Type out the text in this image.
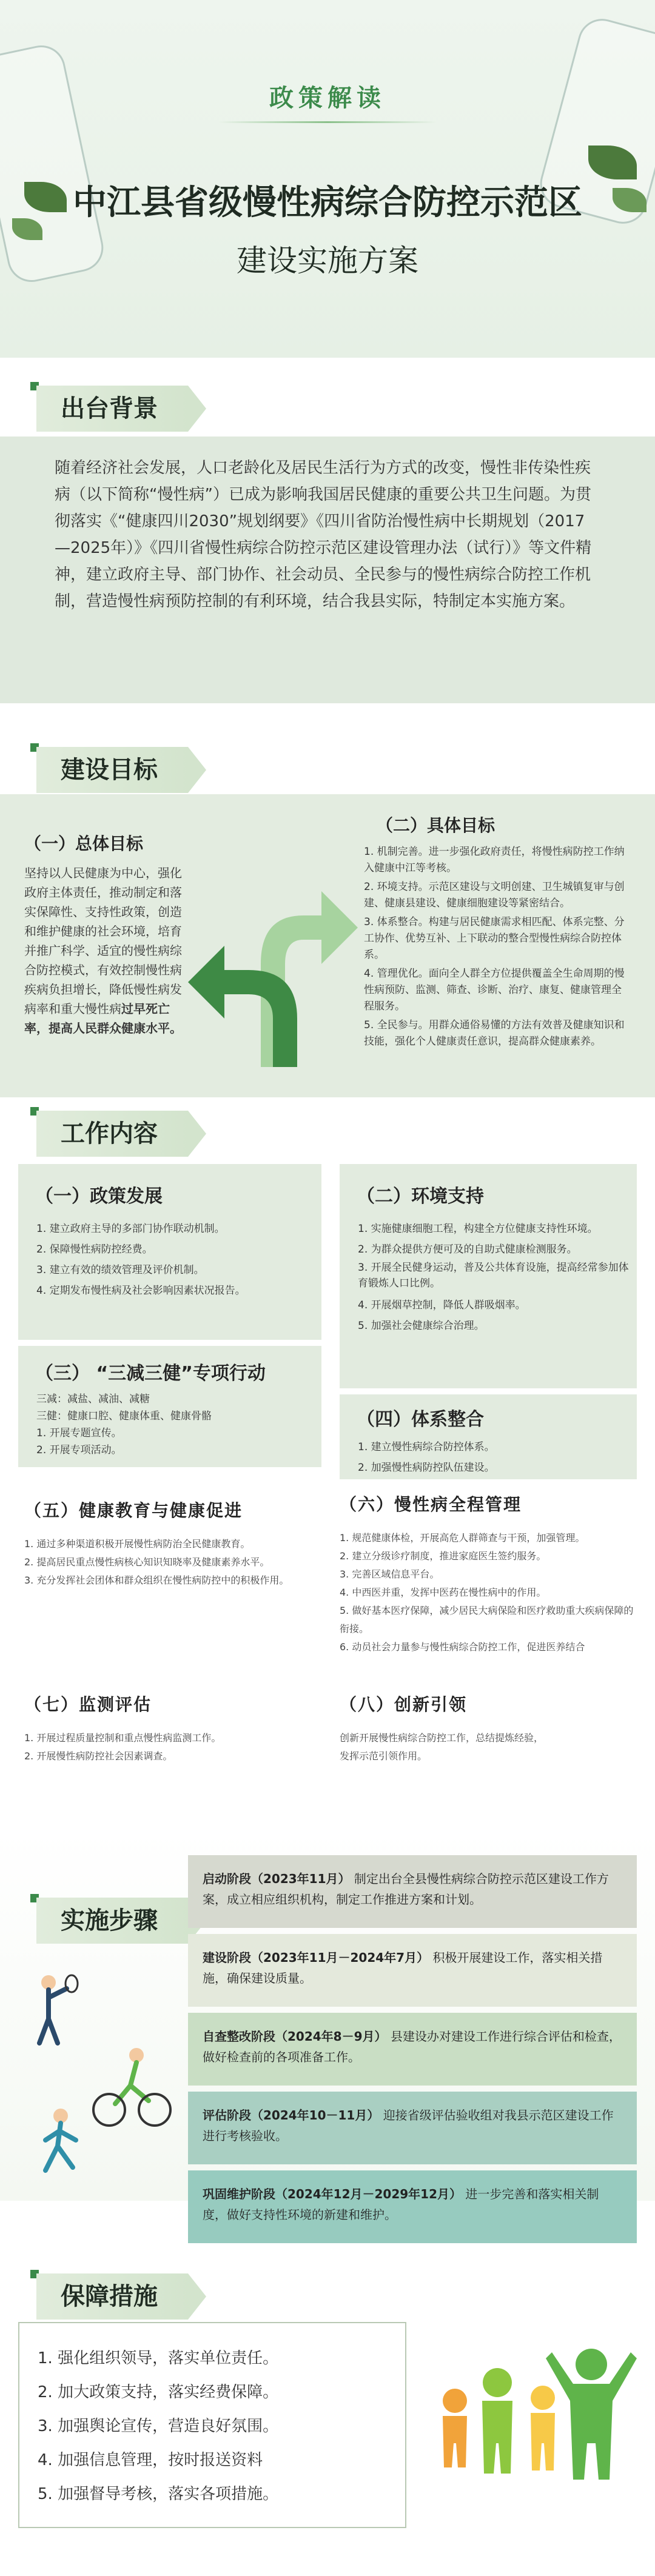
政策解读
中江县省级慢性病综合防控示范区
建设实施方案
出台背景
随着经济社会发展，人口老龄化及居民生活行为方式的改变，慢性非传染性疾病（以下简称“慢性病”）已成为影响我国居民健康的重要公共卫生问题。为贯彻落实《“健康四川2030”规划纲要》《四川省防治慢性病中长期规划（2017—2025年）》《四川省慢性病综合防控示范区建设管理办法（试行）》等文件精神，建立政府主导、部门协作、社会动员、全民参与的慢性病综合防控工作机制，营造慢性病预防控制的有利环境，结合我县实际，特制定本实施方案。
建设目标
（一）总体目标

坚持以人民健康为中心，强化政府主体责任，推动制定和落实保障性、支持性政策，创造和维护健康的社会环境，培育并推广科学、适宜的慢性病综合防控模式，有效控制慢性病疾病负担增长，降低慢性病发病率和重大慢性病过早死亡率，提高人民群众健康水平。

（二）具体目标

1. 机制完善。进一步强化政府责任，将慢性病防控工作纳入健康中江等考核。

2. 环境支持。示范区建设与文明创建、卫生城镇复审与创建、健康县建设、健康细胞建设等紧密结合。

3. 体系整合。构建与居民健康需求相匹配、体系完整、分工协作、优势互补、上下联动的整合型慢性病综合防控体系。

4. 管理优化。面向全人群全方位提供覆盖全生命周期的慢性病预防、监测、筛查、诊断、治疗、康复、健康管理全程服务。

5. 全民参与。用群众通俗易懂的方法有效普及健康知识和技能，强化个人健康责任意识，提高群众健康素养。

工作内容
（一）政策发展
1. 建立政府主导的多部门协作联动机制。
2. 保障慢性病防控经费。
3. 建立有效的绩效管理及评价机制。
4. 定期发布慢性病及社会影响因素状况报告。
（二）环境支持
1. 实施健康细胞工程，构建全方位健康支持性环境。
2. 为群众提供方便可及的自助式健康检测服务。
3. 开展全民健身运动，普及公共体育设施，提高经常参加体育锻炼人口比例。
4. 开展烟草控制，降低人群吸烟率。
5. 加强社会健康综合治理。
（三） “三减三健”专项行动
三减：减盐、减油、减糖
三健：健康口腔、健康体重、健康骨骼
1. 开展专题宣传。
2. 开展专项活动。
（四）体系整合
1. 建立慢性病综合防控体系。
2. 加强慢性病防控队伍建设。
（五）健康教育与健康促进
1. 通过多种渠道积极开展慢性病防治全民健康教育。
2. 提高居民重点慢性病核心知识知晓率及健康素养水平。
3. 充分发挥社会团体和群众组织在慢性病防控中的积极作用。
（六）慢性病全程管理
1. 规范健康体检，开展高危人群筛查与干预，加强管理。
2. 建立分级诊疗制度，推进家庭医生签约服务。
3. 完善区域信息平台。
4. 中西医并重，发挥中医药在慢性病中的作用。
5. 做好基本医疗保障，减少居民大病保险和医疗救助重大疾病保障的衔接。
6. 动员社会力量参与慢性病综合防控工作，促进医养结合
（七）监测评估
1. 开展过程质量控制和重点慢性病监测工作。
2. 开展慢性病防控社会因素调查。
（八）创新引领
创新开展慢性病综合防控工作，总结提炼经验，
发挥示范引领作用。
实施步骤
启动阶段（2023年11月） 制定出台全县慢性病综合防控示范区建设工作方案，成立相应组织机构，制定工作推进方案和计划。
建设阶段（2023年11月－2024年7月） 积极开展建设工作，落实相关措施，确保建设质量。
自查整改阶段（2024年8－9月） 县建设办对建设工作进行综合评估和检查，做好检查前的各项准备工作。
评估阶段（2024年10－11月） 迎接省级评估验收组对我县示范区建设工作进行考核验收。
巩固维护阶段（2024年12月－2029年12月） 进一步完善和落实相关制度，做好支持性环境的新建和维护。
保障措施
1. 强化组织领导，落实单位责任。
2. 加大政策支持，落实经费保障。
3. 加强舆论宣传，营造良好氛围。
4. 加强信息管理，按时报送资料
5. 加强督导考核，落实各项措施。
